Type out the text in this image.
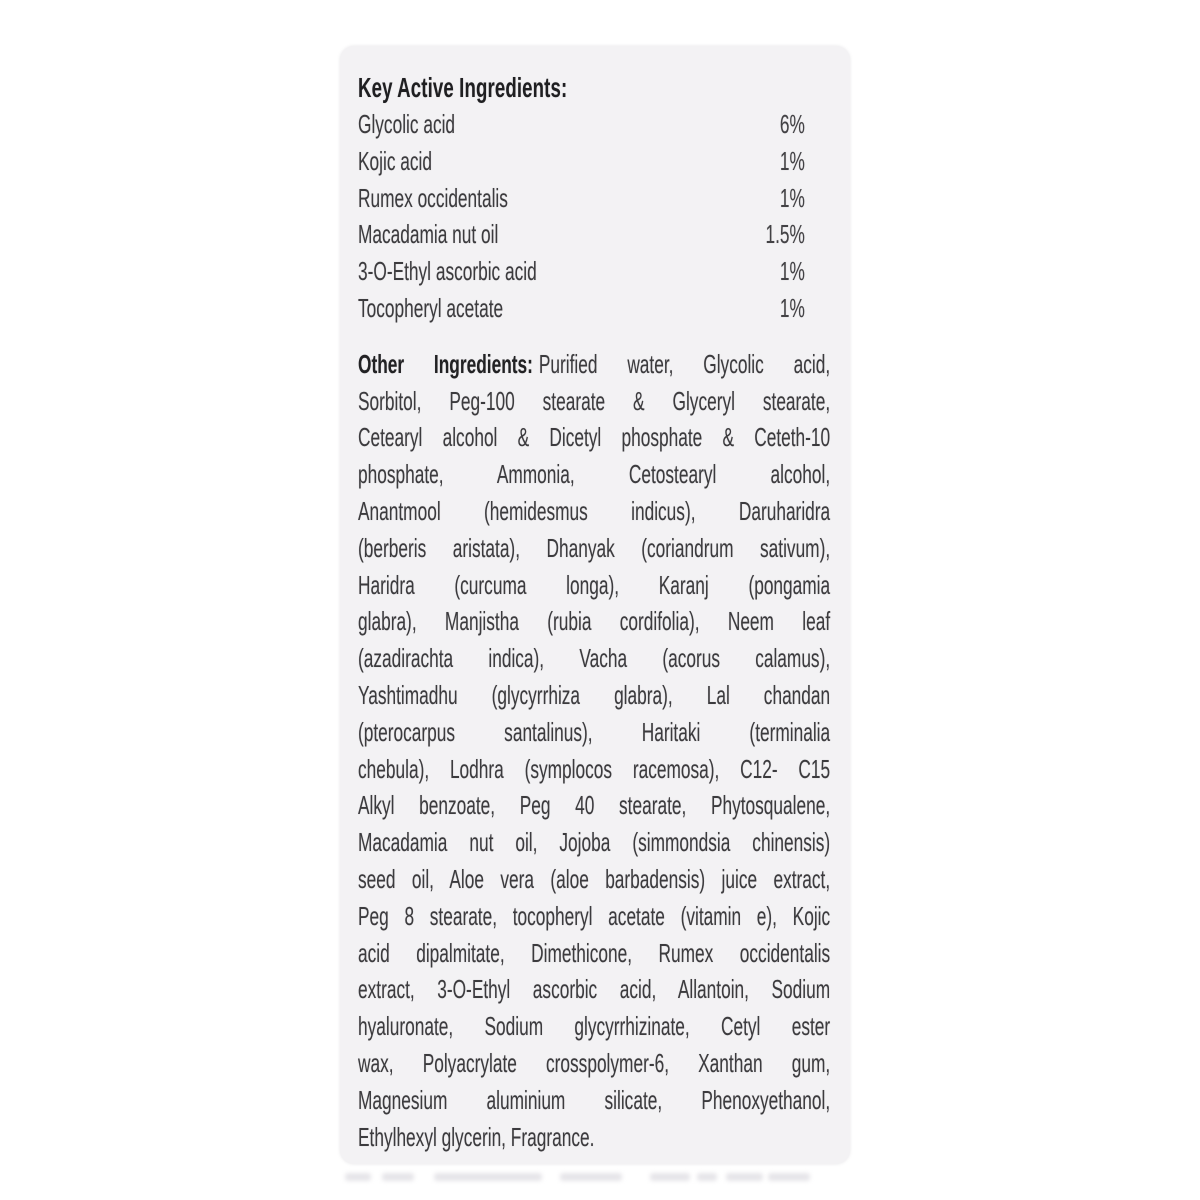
Key Active Ingredients:
Glycolic acid	6%
Kojic acid	1%
Rumex occidentalis	1%
Macadamia nut oil	1.5%
3-O-Ethyl ascorbic acid	1%
Tocopheryl acetate	1%
Other Ingredients: Purified water, Glycolic acid,
Sorbitol, Peg-100 stearate & Glyceryl stearate,
Cetearyl alcohol & Dicetyl phosphate & Ceteth-10
phosphate, Ammonia, Cetostearyl alcohol,
Anantmool (hemidesmus indicus), Daruharidra
(berberis aristata), Dhanyak (coriandrum sativum),
Haridra (curcuma longa), Karanj (pongamia
glabra), Manjistha (rubia cordifolia), Neem leaf
(azadirachta indica), Vacha (acorus calamus),
Yashtimadhu (glycyrrhiza glabra), Lal chandan
(pterocarpus santalinus), Haritaki (terminalia
chebula), Lodhra (symplocos racemosa), C12- C15
Alkyl benzoate, Peg 40 stearate, Phytosqualene,
Macadamia nut oil, Jojoba (simmondsia chinensis)
seed oil, Aloe vera (aloe barbadensis) juice extract,
Peg 8 stearate, tocopheryl acetate (vitamin e), Kojic
acid dipalmitate, Dimethicone, Rumex occidentalis
extract, 3-O-Ethyl ascorbic acid, Allantoin, Sodium
hyaluronate, Sodium glycyrrhizinate, Cetyl ester
wax, Polyacrylate crosspolymer-6, Xanthan gum,
Magnesium aluminium silicate, Phenoxyethanol,
Ethylhexyl glycerin, Fragrance.
